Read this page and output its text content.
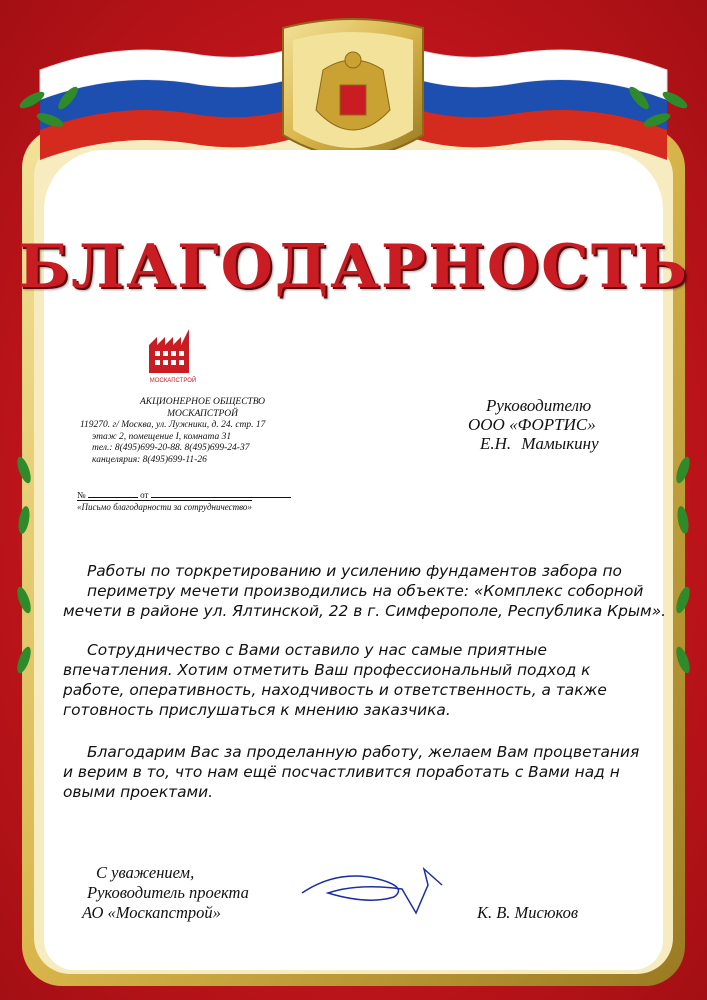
БЛАГОДАРНОСТЬ
МОСКАПСТРОЙ
АКЦИОНЕРНОЕ ОБЩЕСТВО
МОСКАПСТРОЙ
119270. г/ Москва, ул. Лужники, д. 24. стр. 17
этаж 2, помещение I, комната 31
тел.: 8(495)699-20-88. 8(495)699-24-37
канцелярия: 8(495)699-11-26
№	от
«Письмо благодарности за сотрудничество»
Руководителю
ООО «ФОРТИС»
Е.Н. Мамыкину
Работы по торкретированию и усилению фундаментов забора по
периметру мечети производились на объекте: «Комплекс соборной
мечети в районе ул. Ялтинской, 22 в г. Симферополе, Республика Крым».
Сотрудничество с Вами оставило у нас самые приятные
впечатления. Хотим отметить Ваш профессиональный подход к
работе, оперативность, находчивость и ответственность, а также
готовность прислушаться к мнению заказчика.
Благодарим Вас за проделанную работу, желаем Вам процветания
и верим в то, что нам ещё посчастливится поработать с Вами над н
овыми проектами.
С уважением,
Руководитель проекта
АО «Москапстрой»	К. В. Мисюков
